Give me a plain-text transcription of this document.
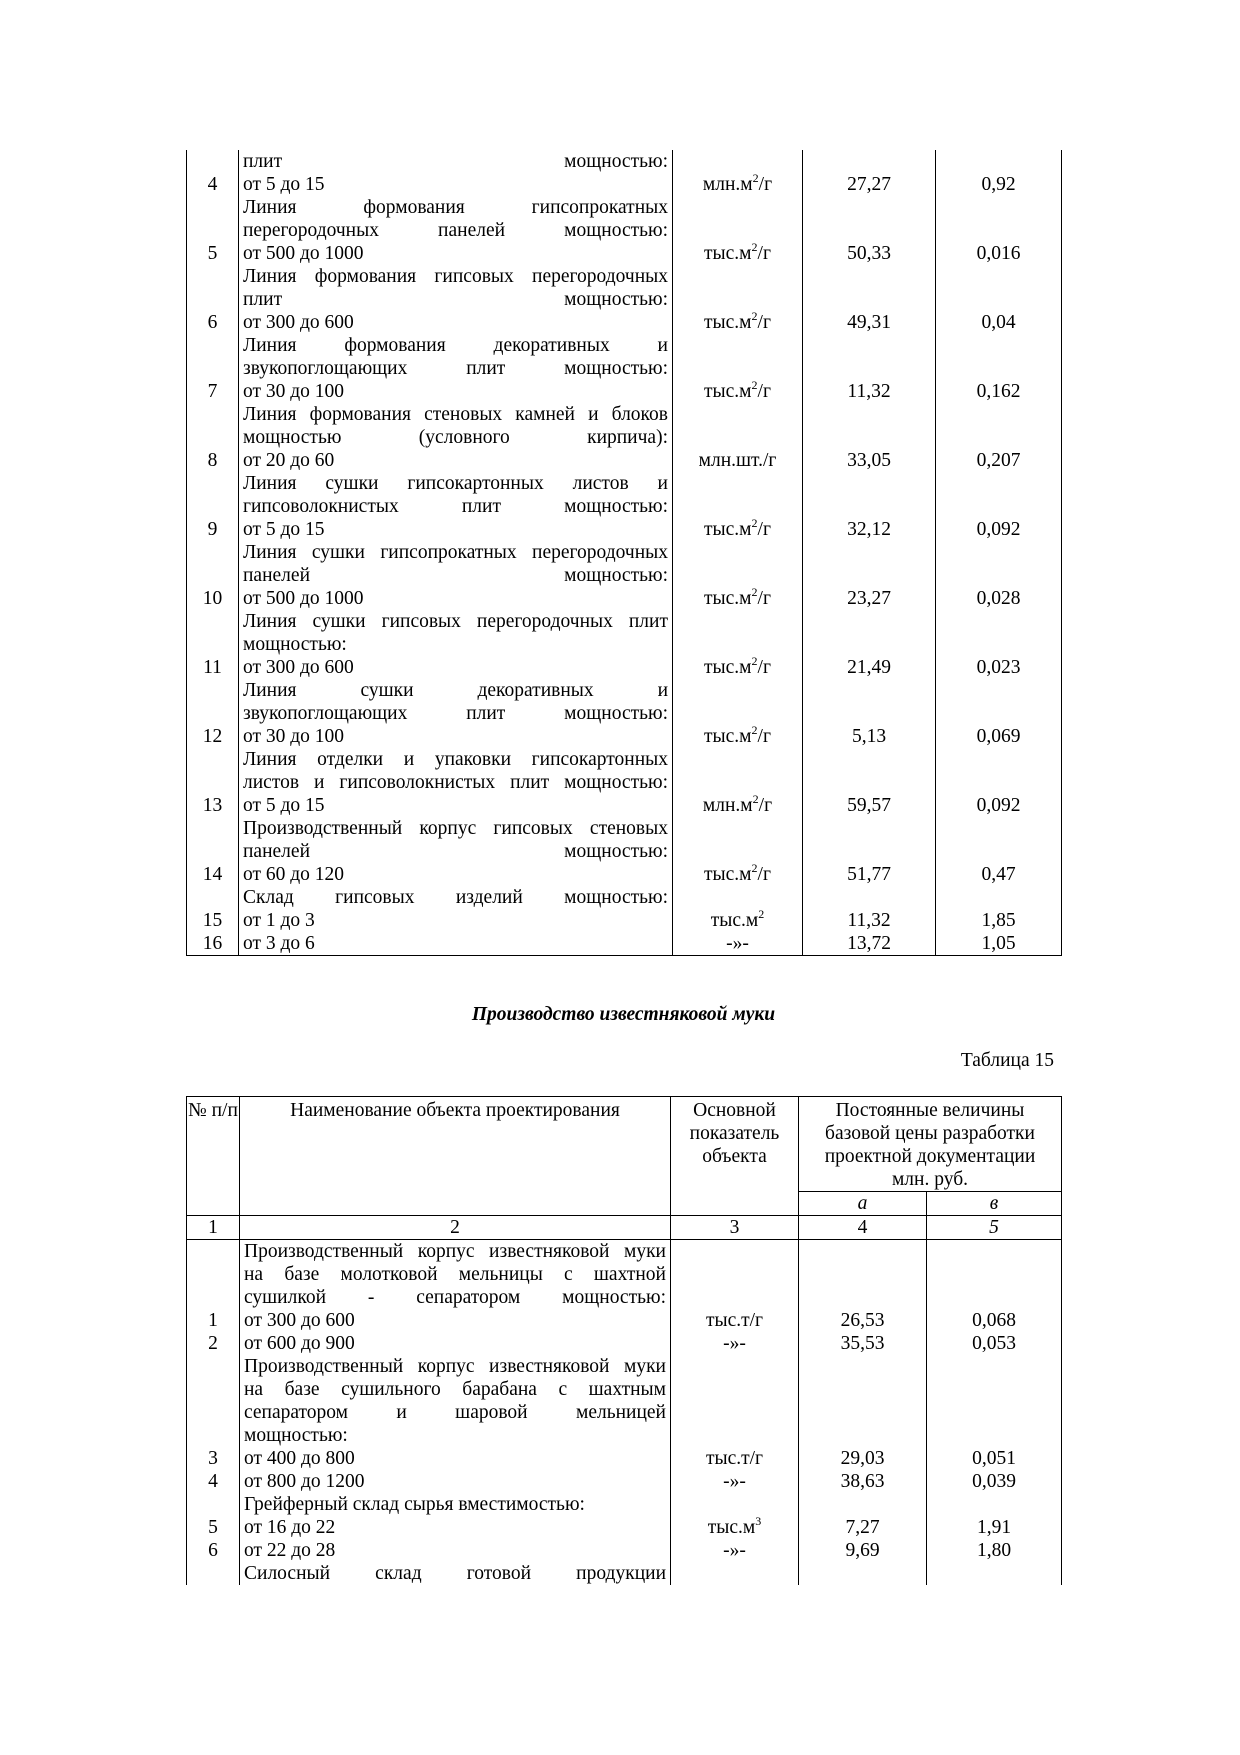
4	плит мощностью:
от 5 до 15	$млн.м^2/г$	27,27	0,92
5	Линия формования гипсопрокатных
перегородочных панелей мощностью:
от 500 до 1000	$тыс.м^2/г$	50,33	0,016
6	Линия формования гипсовых перегородочных
плит мощностью:
от 300 до 600	$тыс.м^2/г$	49,31	0,04
7	Линия формования декоративных и
звукопоглощающих плит мощностью:
от 30 до 100	$тыс.м^2/г$	11,32	0,162
8	Линия формования стеновых камней и блоков
мощностью (условного кирпича):
от 20 до 60	млн.шт./г	33,05	0,207
9	Линия сушки гипсокартонных листов и
гипсоволокнистых плит мощностью:
от 5 до 15	$тыс.м^2/г$	32,12	0,092
10	Линия сушки гипсопрокатных перегородочных
панелей мощностью:
от 500 до 1000	$тыс.м^2/г$	23,27	0,028
11	Линия сушки гипсовых перегородочных плит
мощностью:
от 300 до 600	$тыс.м^2/г$	21,49	0,023
12	Линия сушки декоративных и
звукопоглощающих плит мощностью:
от 30 до 100	$тыс.м^2/г$	5,13	0,069
13	Линия отделки и упаковки гипсокартонных
листов и гипсоволокнистых плит мощностью:
от 5 до 15	$млн.м^2/г$	59,57	0,092
14	Производственный корпус гипсовых стеновых
панелей мощностью:
от 60 до 120	$тыс.м^2/г$	51,77	0,47
15	Склад гипсовых изделий мощностью:
от 1 до 3	$тыс.м^2$	11,32	1,85
16	от 3 до 6	-»-	13,72	1,05
Производство известняковой муки
Таблица 15
№ п/п	Наименование объекта проектирования	Основной показатель объекта	Постоянные величины базовой цены разработки проектной документации млн. руб.	
			а	в
1	2	3	4	5

	Производственный корпус известняковой муки
на базе молотковой мельницы с шахтной
сушилкой - сепаратором мощностью:			

1	от 300 до 600	тыс.т/г	26,53	0,068
2	от 600 до 900	-»-	35,53	0,053

	Производственный корпус известняковой муки
на базе сушильного барабана с шахтным
сепаратором и шаровой мельницей
мощностью:			

3	от 400 до 800	тыс.т/г	29,03	0,051
4	от 800 до 1200	-»-	38,63	0,039

	Грейферный склад сырья вместимостью:			

5	от 16 до 22	$тыс.м^3$	7,27	1,91
6	от 22 до 28	-»-	9,69	1,80

	Силосный склад готовой продукции			
